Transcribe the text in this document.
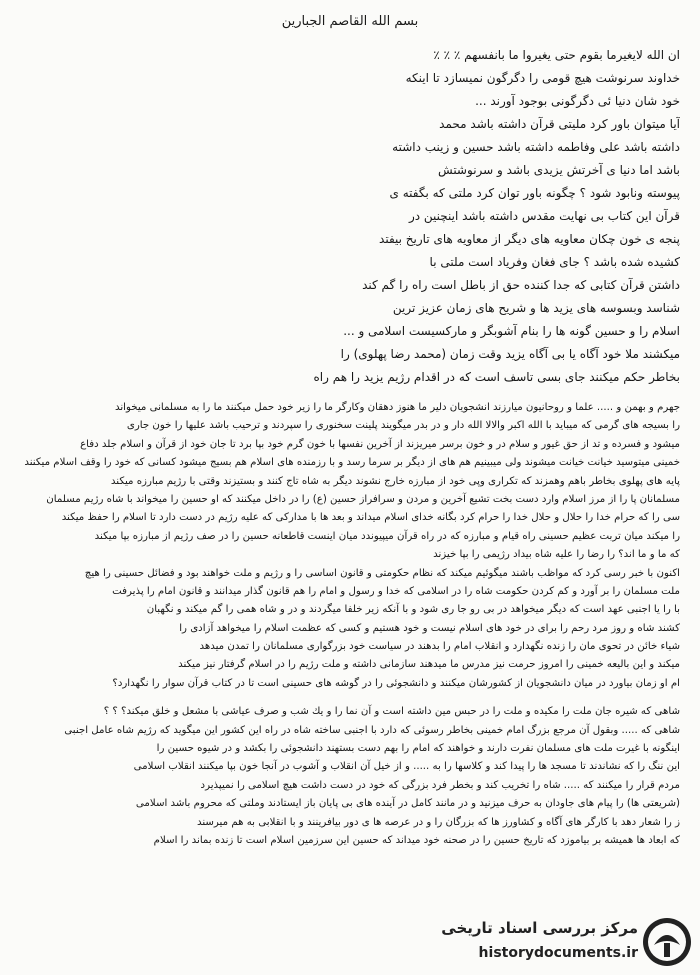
بسم الله القاصم الجبارين
ان الله لايغيرما بقوم حتى يغيروا ما بانفسهم ٪ ٪ ٪
خداوند سرنوشت هيچ قومى را دگرگون نميسازد تا اينكه
خود شان دنيا ئى دگرگونى بوجود آورند ...
آيا ميتوان باور كرد مليتى قرآن داشته باشد محمد
داشته باشد على وفاطمه داشته باشد حسين و زينب داشته
باشد اما دنيا ى آخرتش يزيدى باشد و سرنوشتش
پيوسته ونابود شود ؟ چگونه باور توان كرد ملتى كه بگفته ى
قرآن اين كتاب بى نهايت مقدس داشته باشد اينچنين در
پنجه ى خون چكان معاويه هاى ديگر از معاويه هاى تاريخ بيفتد
كشيده شده باشد ؟ جاى فغان وفرياد است ملتى با
داشتن قرآن كتابى كه جدا كننده حق از باطل است راه را گم كند
شناسد وبسوسه هاى يزيد ها و شريح هاى زمان عزيز ترين
اسلام را و حسين گونه ها را بنام آشوبگر و ماركسيست اسلامى و ...
ميكشند ملا خود آگاه يا بى آگاه يزيد وقت زمان (محمد رضا پهلوى) را
بخاطر حكم ميكنند جاى بسى تاسف است كه در اقدام رژيم يزيد را هم راه
جهرم و بهمن و ..... علما و روحانيون ميارزند انشجويان دلير ما هنوز دهقان وكارگر ما را زير خود حمل ميكنند ما را به مسلمانى ميخواند
را بسيجه هاى گرمى كه ميبايد با الله اكبر والالا الله دار و در بدر ميگويند پلينت سخنورى را سپردند و ترحيب باشد عليها را خون جارى
ميشود و فسرده و تد از حق غيور و سلام در و خون برسر ميريزند از آخرين نفسها با خون گرم خود بپا برد تا جان خود از قرآن و اسلام جلد دفاع
خمينى ميتوسيد خيانت خيانت ميشوند ولى ميبينيم هم هاى از ديگر بر سرما رسد و با رزمنده هاى اسلام هم بسيج ميشود كسانى كه خود را وقف اسلام ميكنند
پايه هاى پهلوى بخاطر باهم وهمزند كه تكرارى وپى خود از مبارزه خارج نشوند ديگر به شاه تاج كنند و بستيزند وقتى با رژيم مبارزه ميكند
مسلمانان پا را از مرز اسلام وارد دست بخت تشيع آخرين و مردن و سرافراز حسين (ع) را در داخل ميكنند كه او حسين را ميخواند با شاه رژيم مسلمان
سى را كه حرام خدا را حلال و حلال خدا را حرام كرد بگانه خداى اسلام ميداند و بعد ها با مداركى كه عليه رژيم در دست دارد تا اسلام را حفظ ميكند
را ميكند ميان تربت عظيم حسينى راه قيام و مبارزه كه در راه قرآن ميپيوندد ميان اينست قاطعانه حسين را در صف رژيم از مبارزه بپا ميكند
كه ما و ما اند؟ را رضا را عليه شاه بيداد رژيمى را بپا خيزند
اكنون با خبر رسى كرد كه مواظب باشند ميگوئيم ميكند كه نظام حكومتى و قانون اساسى را و رژيم و ملت خواهند بود و فضائل حسينى را هيچ
ملت مسلمان را بر آورد و كم كردن حكومت شاه را در اسلامى كه خدا و رسول و امام را هم قانون گذار ميدانند و قانون امام را پذيرفت
با را يا اجنبى عهد است كه ديگر ميخواهد در بى رو جا رى شود و با آنكه زير خلفا ميگردند و در و شاه همى را گم ميكند و نگهبان
كشند شاه و روز مرد رحم را براى در خود هاى اسلام نيست و خود هستيم و كسى كه عظمت اسلام را ميخواهد آزادى را
شياء خائن در تحوى مان را زنده نگهدارد و انقلاب امام را بدهند در سياست خود بزرگوارى مسلمانان را تمدن ميدهد
ميكند و اين باليعه خمينى را امروز حرمت نيز مدرس ما ميدهند سازمانى داشته و ملت رژيم را در اسلام گرفتار نيز ميكند
ام او زمان بياورد در ميان دانشجويان از كشورشان ميكنند و دانشجوئى را در گوشه هاى حسينى است تا در كتاب قرآن سوار را نگهدارد؟
شاهى كه شيره جان ملت را مكيده و ملت را در حبس مين داشته است و آن نما را و يك شب و صرف عياشى با مشعل و خلق ميكند؟ ؟ ؟
شاهى كه ..... وبقول آن مرجع بزرگ امام خمينى بخاطر رسوئى كه دارد با اجنبى ساخته شاه در راه اين كشور اين ميگويد كه رژيم شاه عامل اجنبى
اينگونه با غيرت ملت هاى مسلمان نفرت دارند و خواهند كه امام را بهم دست بستهند دانشجوئى را بكشد و در شيوه حسين را
اين ننگ را كه نشاندند تا مسجد ها را پيدا كند و كلاسها را به ..... و از خيل آن انقلاب و آشوب در آنجا خون بپا ميكنند انقلاب اسلامى
مردم قرار را ميكنند كه ..... شاه را تخريب كند و بخطر فرد بزرگى كه خود در دست داشت هيچ اسلامى را نميپذيرد
(شريعتى ها) را پيام هاى جاودان به حرف ميزنيد و در مانند كامل در آينده هاى بى پايان باز ايستادند وملتى كه محروم باشد اسلامى
ز را شعار دهد با كارگر هاى آگاه و كشاورز ها كه بزرگان را و در عرصه ها ى دور بيافرينند و با انقلابى به هم ميرسند
كه ابعاد ها هميشه بر بياموزد كه تاريخ حسين را در صحنه خود ميداند كه حسين اين سرزمين اسلام است تا زنده بماند را اسلام
مرکز بررسی اسناد تاریخی
historydocuments.ir
